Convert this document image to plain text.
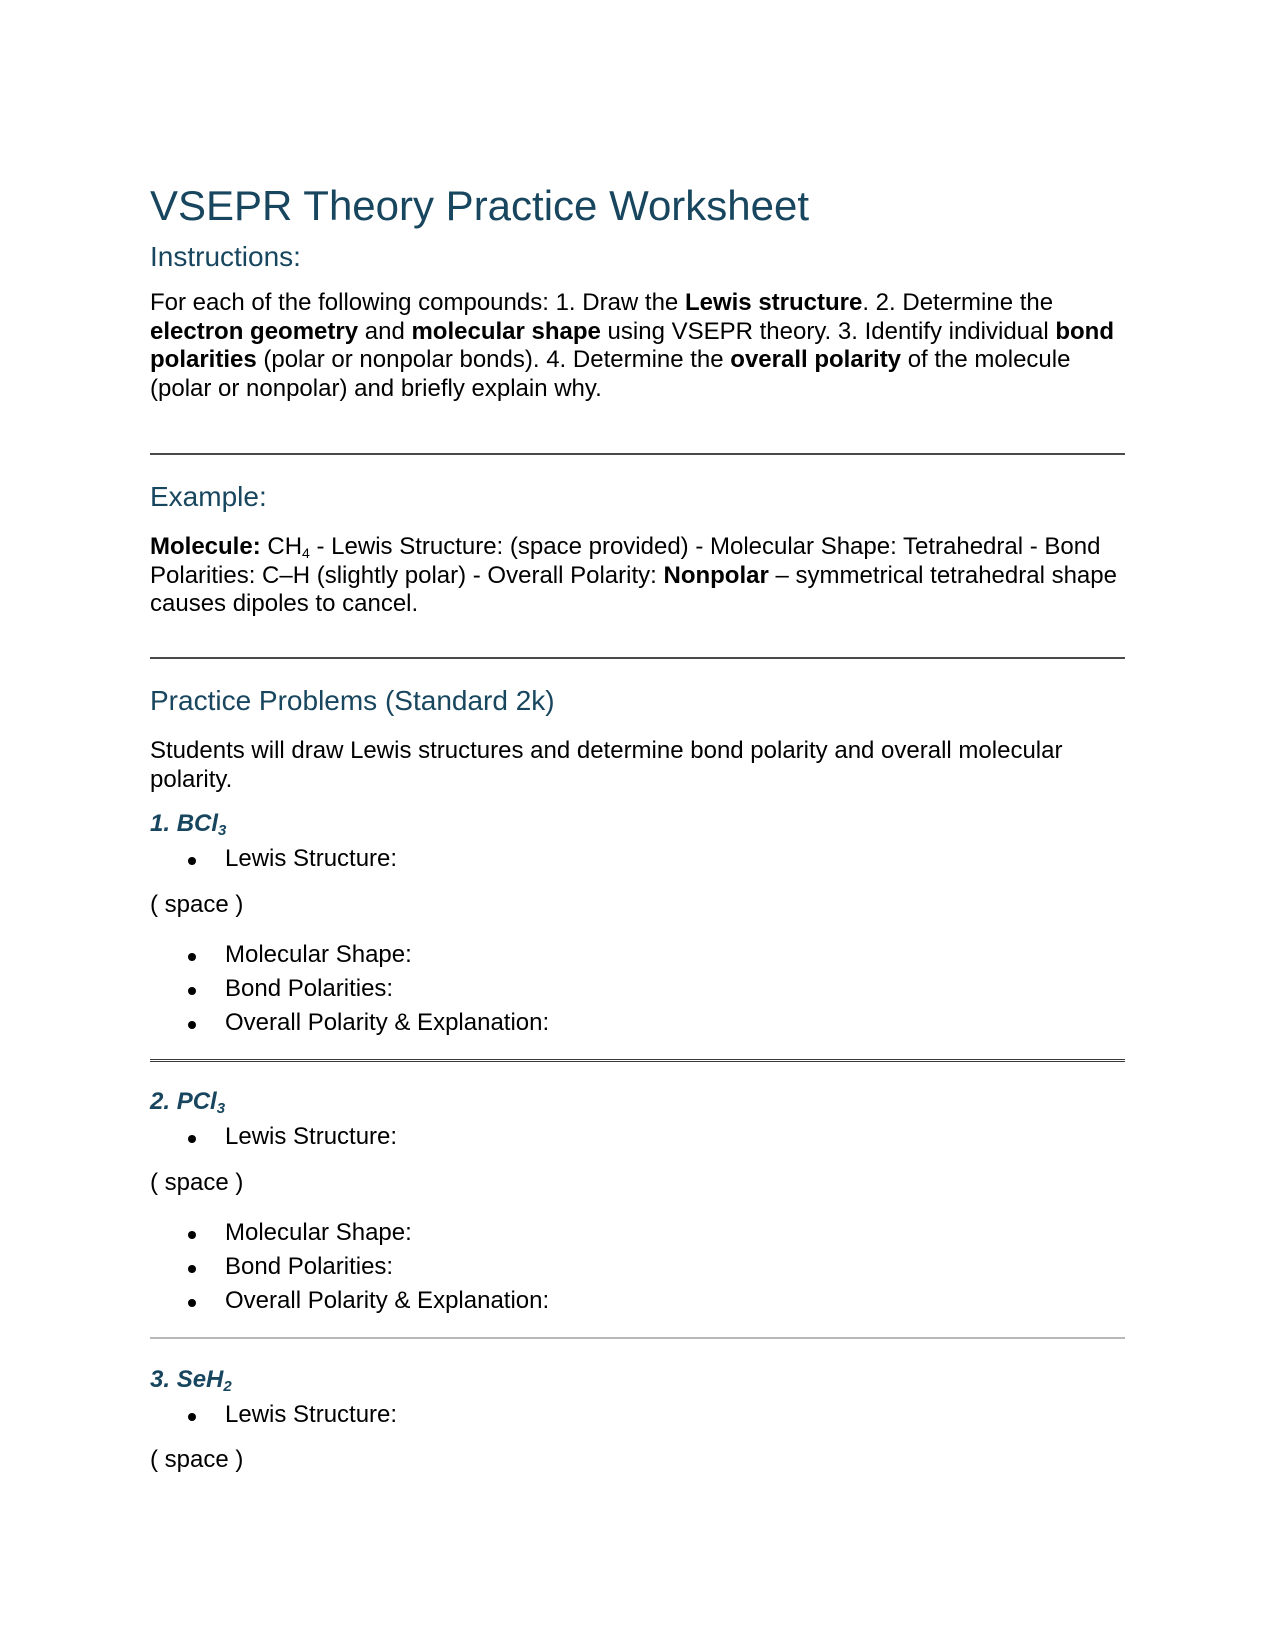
VSEPR Theory Practice Worksheet
Instructions:

For each of the following compounds: 1. Draw the Lewis structure. 2. Determine the electron geometry and molecular shape using VSEPR theory. 3. Identify individual bond polarities (polar or nonpolar bonds). 4. Determine the overall polarity of the molecule (polar or nonpolar) and briefly explain why.

Example:

Molecule: $CH_4$ - Lewis Structure: (space provided) - Molecular Shape: Tetrahedral - Bond Polarities: C–H (slightly polar) - Overall Polarity: Nonpolar – symmetrical tetrahedral shape causes dipoles to cancel.

Practice Problems (Standard 2k)

Students will draw Lewis structures and determine bond polarity and overall molecular polarity.

1. BCl$_3$
Lewis Structure:
( space )
Molecular Shape:
Bond Polarities:
Overall Polarity & Explanation:
2. PCl$_3$
Lewis Structure:
( space )
Molecular Shape:
Bond Polarities:
Overall Polarity & Explanation:
3. SeH$_2$
Lewis Structure:
( space )
